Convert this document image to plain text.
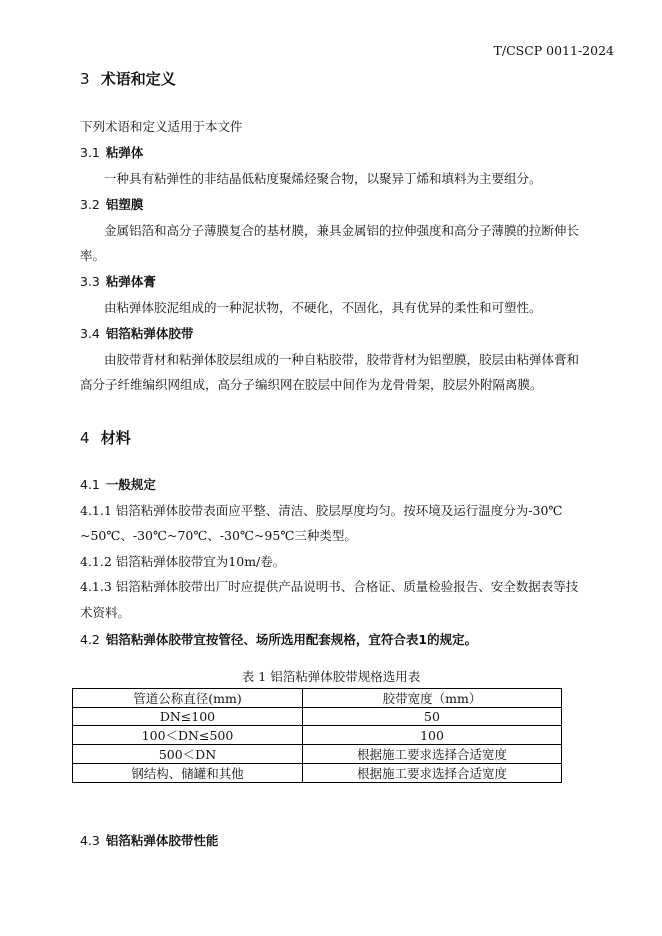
T/CSCP 0011-2024
3 术语和定义
下列术语和定义适用于本文件
3.1 粘弹体
一种具有粘弹性的非结晶低粘度聚烯烃聚合物，以聚异丁烯和填料为主要组分。
3.2 铝塑膜
金属铝箔和高分子薄膜复合的基材膜，兼具金属铝的拉伸强度和高分子薄膜的拉断伸长
率。
3.3 粘弹体膏
由粘弹体胶泥组成的一种泥状物，不硬化，不固化，具有优异的柔性和可塑性。
3.4 铝箔粘弹体胶带
由胶带背材和粘弹体胶层组成的一种自粘胶带，胶带背材为铝塑膜，胶层由粘弹体膏和
高分子纤维编织网组成，高分子编织网在胶层中间作为龙骨骨架，胶层外附隔离膜。
4 材料
4.1 一般规定
4.1.1 铝箔粘弹体胶带表面应平整、清洁、胶层厚度均匀。按环境及运行温度分为-30℃
~50℃、-30℃~70℃、-30℃~95℃三种类型。
4.1.2 铝箔粘弹体胶带宜为10m/卷。
4.1.3 铝箔粘弹体胶带出厂时应提供产品说明书、合格证、质量检验报告、安全数据表等技
术资料。
4.2 铝箔粘弹体胶带宜按管径、场所选用配套规格，宜符合表1的规定。
表 1 铝箔粘弹体胶带规格选用表
管道公称直径(mm)	胶带宽度（mm）
DN≤100	50
100＜DN≤500	100
500＜DN	根据施工要求选择合适宽度
钢结构、储罐和其他	根据施工要求选择合适宽度
4.3 铝箔粘弹体胶带性能
